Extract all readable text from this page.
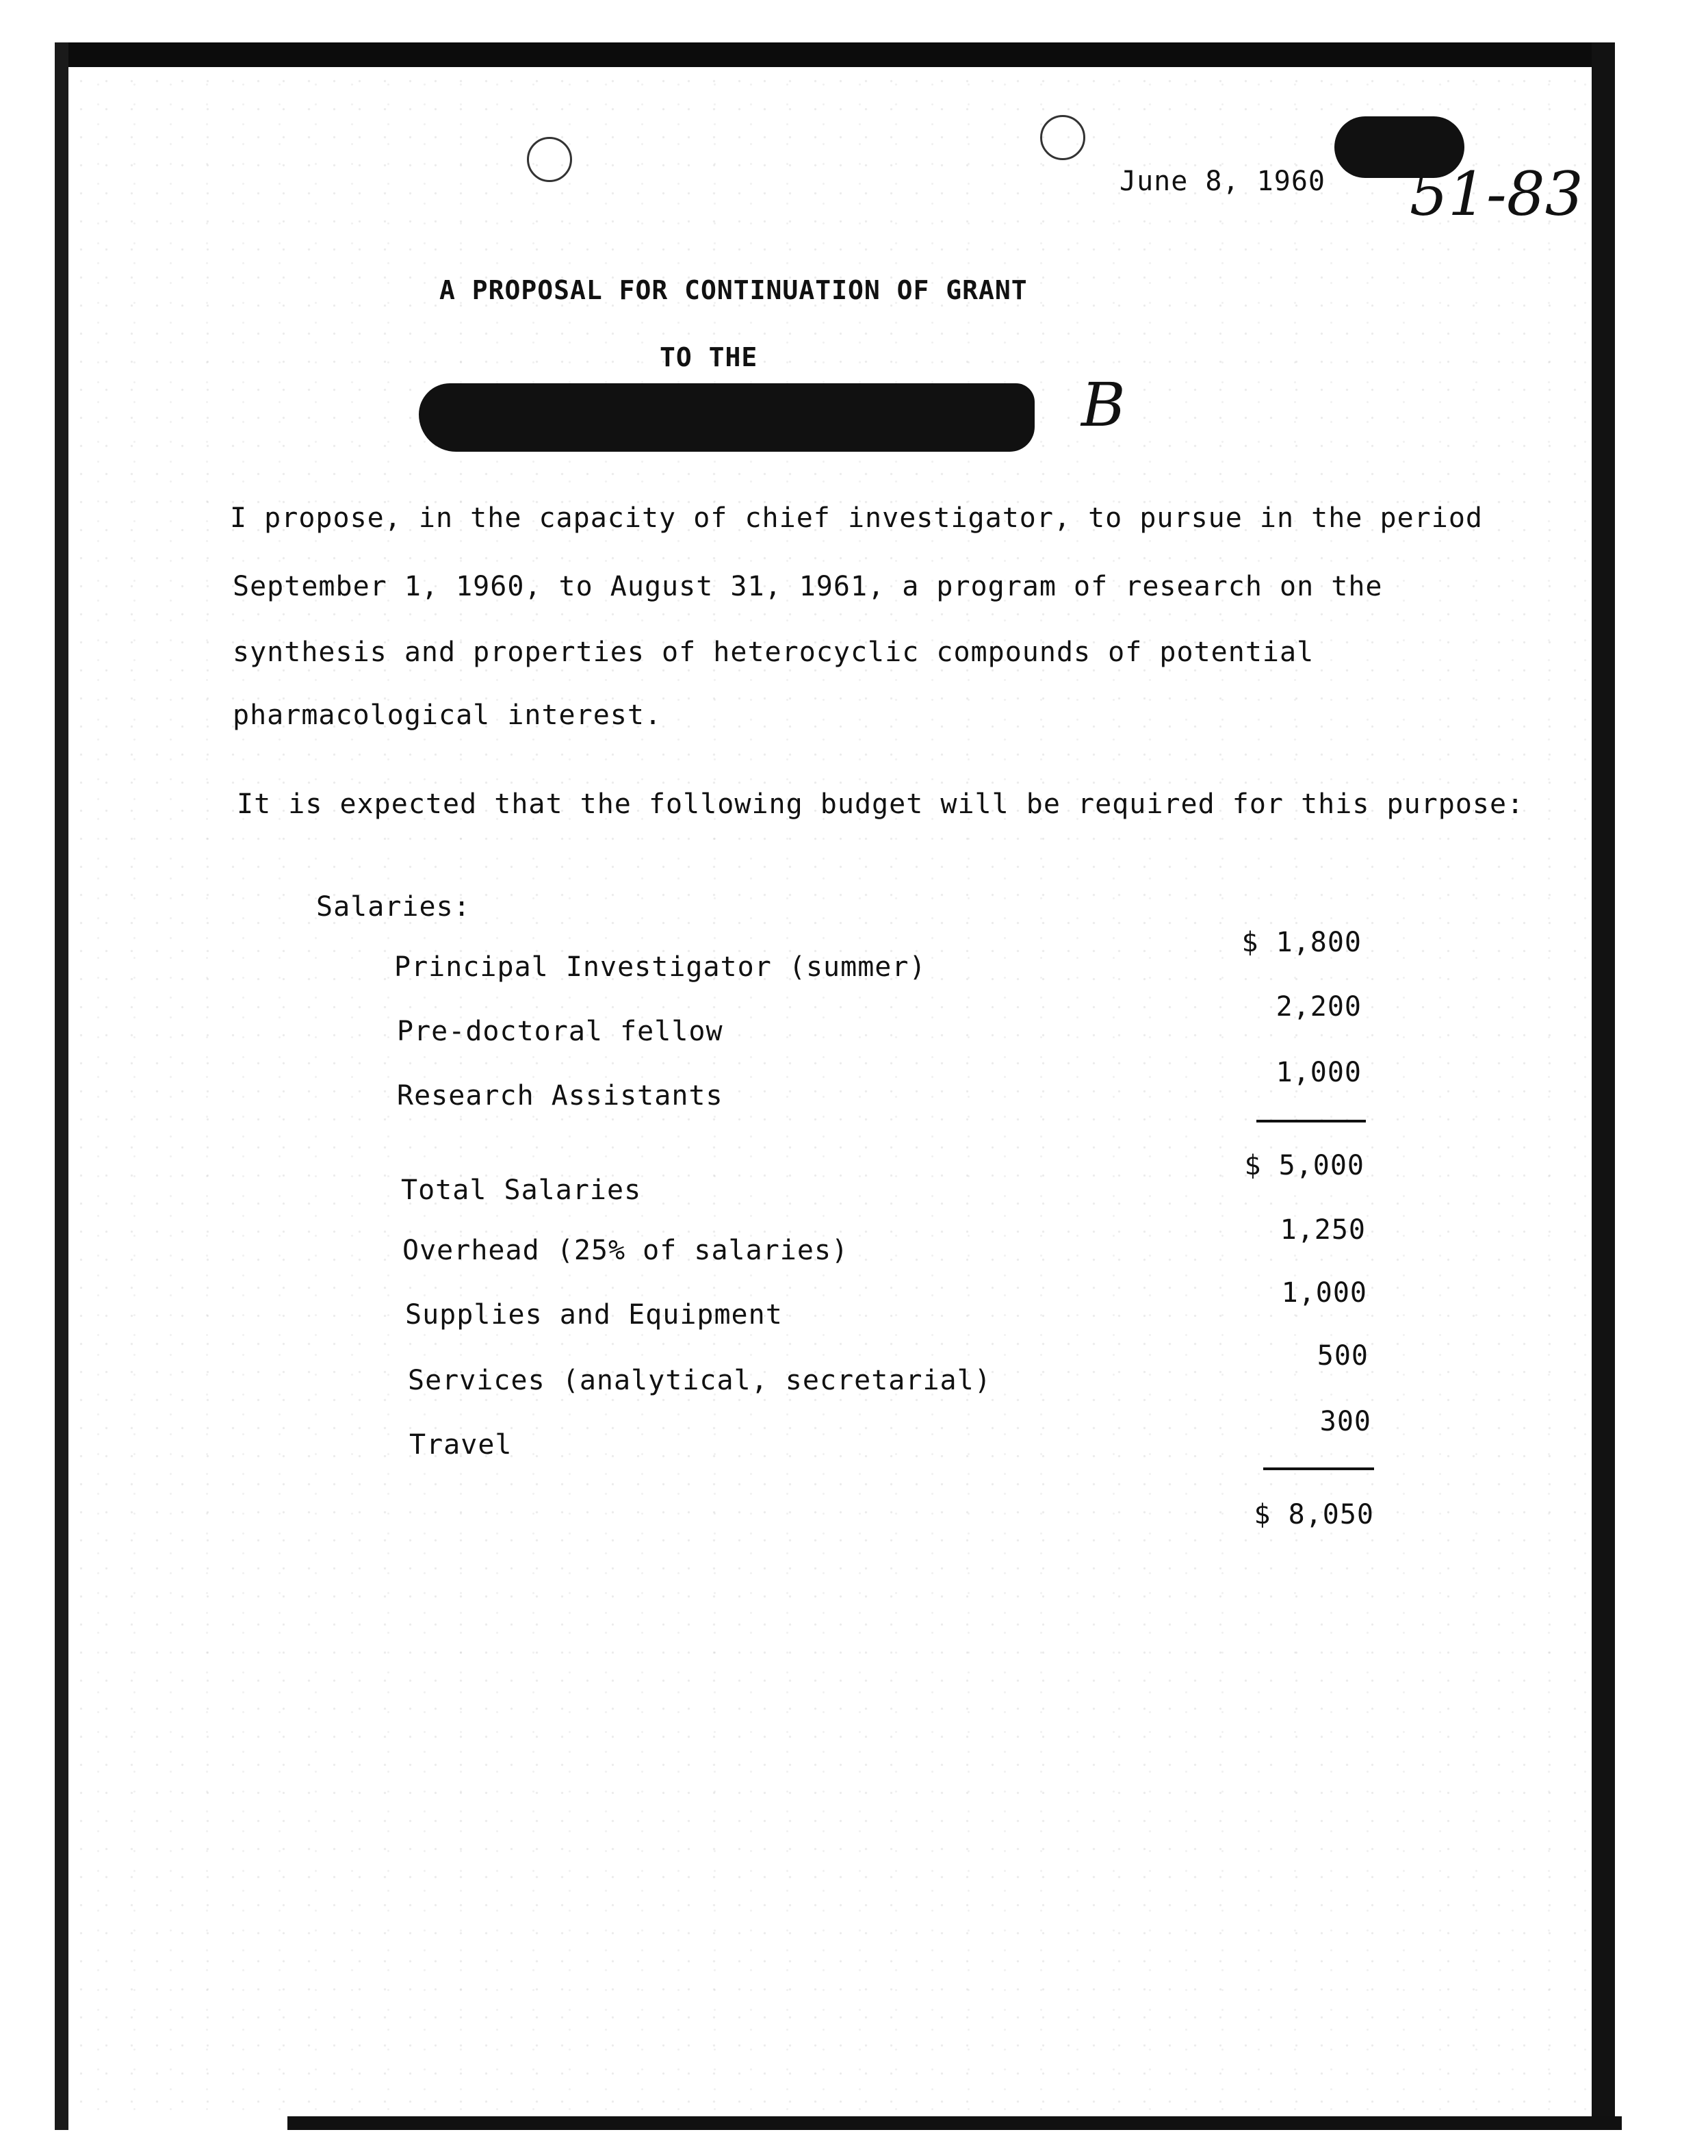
June 8, 1960 51-83
A PROPOSAL FOR CONTINUATION OF GRANT
TO THE
B
I propose, in the capacity of chief investigator, to pursue in the period
September 1, 1960, to August 31, 1961, a program of research on the
synthesis and properties of heterocyclic compounds of potential
pharmacological interest.
It is expected that the following budget will be required for this purpose:
Salaries:
Principal Investigator (summer)
$ 1,800
Pre-doctoral fellow
2,200
Research Assistants
1,000
Total Salaries
$ 5,000
Overhead (25% of salaries)
1,250
Supplies and Equipment
1,000
Services (analytical, secretarial)
500
Travel
300
$ 8,050
